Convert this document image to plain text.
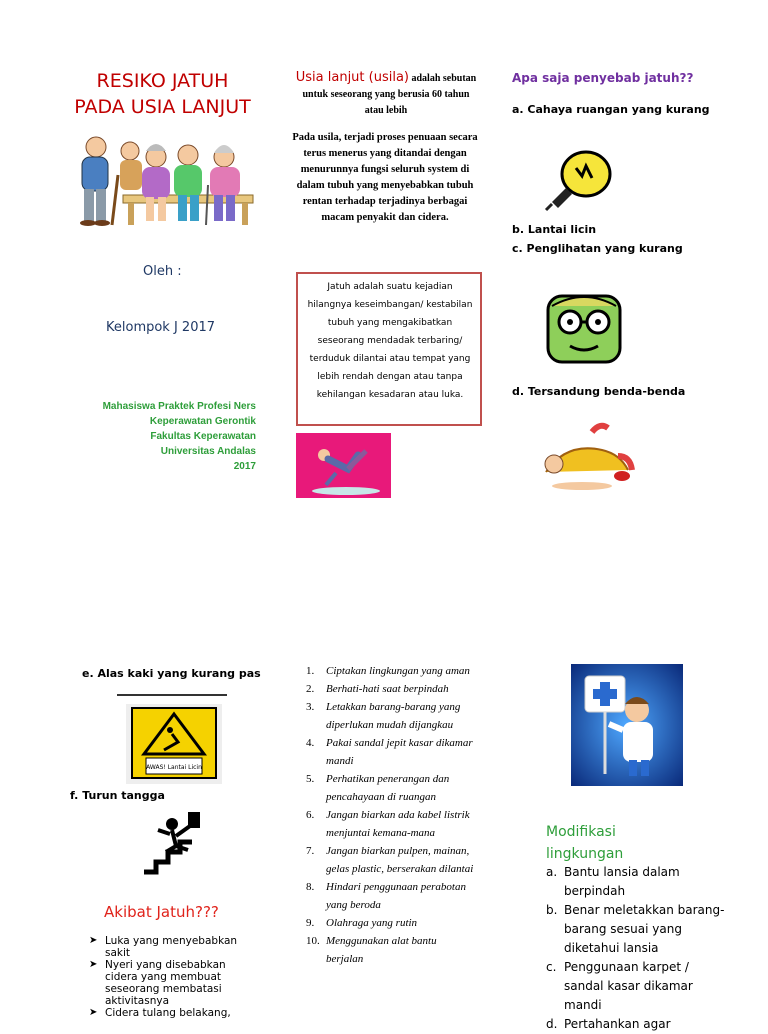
RESIKO JATUH
PADA USIA LANJUT
Oleh :
Kelompok J 2017
Mahasiswa Praktek Profesi Ners
Keperawatan Gerontik
Fakultas Keperawatan
Universitas Andalas
2017
Usia lanjut (usila) adalah sebutan untuk seseorang yang berusia 60 tahun atau lebih
Pada usila, terjadi proses penuaan secara terus menerus yang ditandai dengan menurunnya fungsi seluruh system di dalam tubuh yang menyebabkan tubuh rentan terhadap terjadinya berbagai macam penyakit dan cidera.
Jatuh adalah suatu kejadian hilangnya keseimbangan/ kestabilan tubuh yang mengakibatkan seseorang mendadak terbaring/ terduduk dilantai atau tempat yang lebih rendah dengan atau tanpa kehilangan kesadaran atau luka.
Apa saja penyebab jatuh??
a. Cahaya ruangan yang kurang
b. Lantai licin
c. Penglihatan yang kurang
d. Tersandung benda-benda
e. Alas kaki yang kurang pas
AWAS! Lantai Licin
f. Turun tangga
Akibat Jatuh???
➤ Luka yang menyebabkan sakit
➤ Nyeri yang disebabkan cidera yang membuat seseorang membatasi aktivitasnya
➤ Cidera tulang belakang,
1. Ciptakan lingkungan yang aman
2. Berhati-hati saat berpindah
3. Letakkan barang-barang yang diperlukan mudah dijangkau
4. Pakai sandal jepit kasar dikamar mandi
5. Perhatikan penerangan dan pencahayaan di ruangan
6. Jangan biarkan ada kabel listrik menjuntai kemana-mana
7. Jangan biarkan pulpen, mainan, gelas plastic, berserakan dilantai
8. Hindari penggunaan perabotan yang beroda
9. Olahraga yang rutin
10. Menggunakan alat bantu berjalan
Modifikasi
lingkungan
a. Bantu lansia dalam berpindah
b. Benar meletakkan barang-barang sesuai yang diketahui lansia
c. Penggunaan karpet / sandal kasar dikamar mandi
d. Pertahankan agar
